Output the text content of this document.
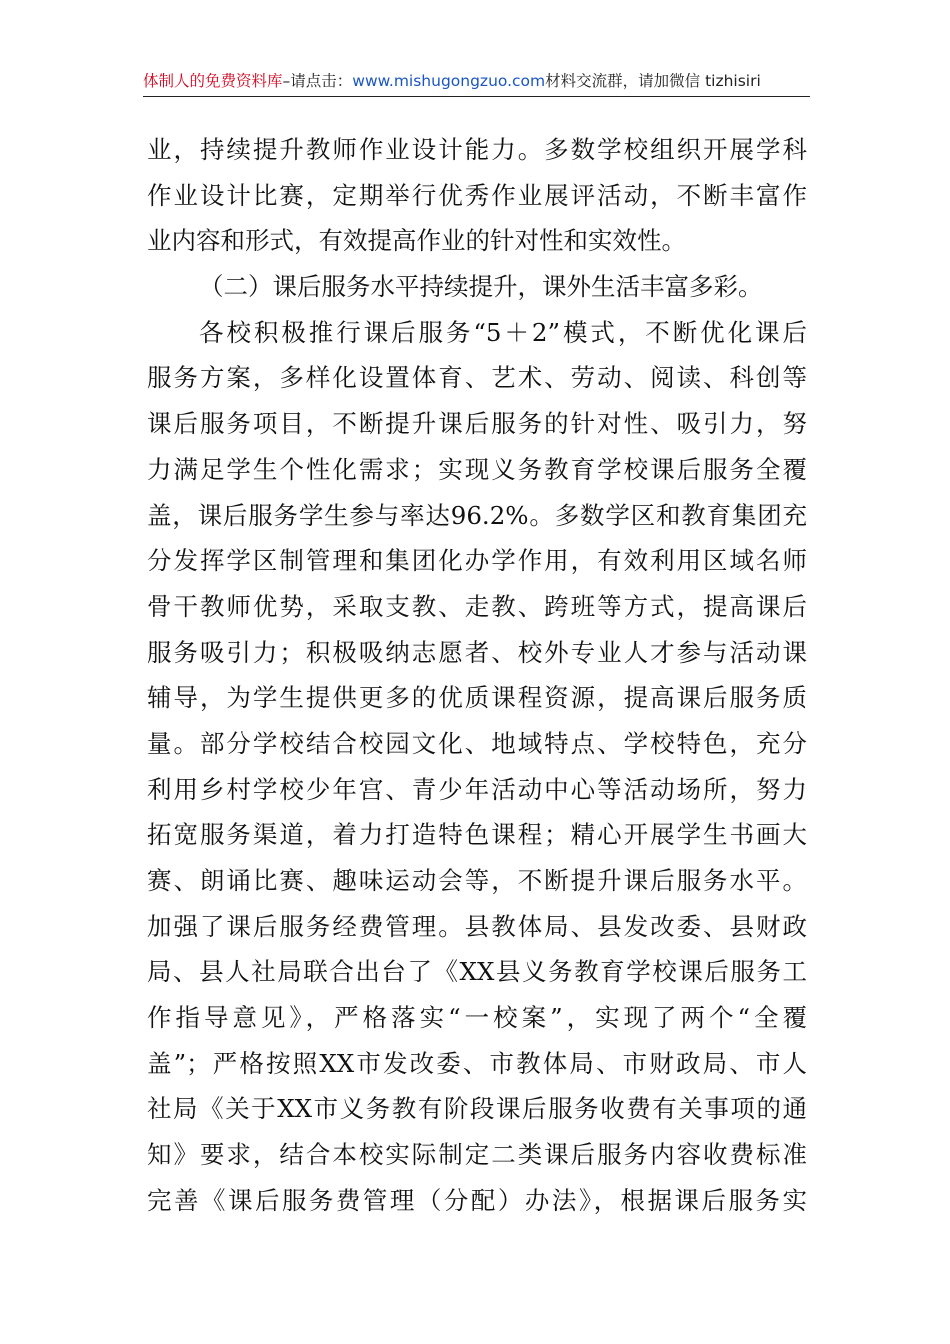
体制人的免费资料库–请点击：www.mishugongzuo.com材料交流群，请加微信 tizhisiri
业，持续提升教师作业设计能力。多数学校组织开展学科
作业设计比赛，定期举行优秀作业展评活动，不断丰富作
业内容和形式，有效提高作业的针对性和实效性。
（二）课后服务水平持续提升，课外生活丰富多彩。
各校积极推行课后服务“5＋2”模式，不断优化课后
服务方案，多样化设置体育、艺术、劳动、阅读、科创等
课后服务项目，不断提升课后服务的针对性、吸引力，努
力满足学生个性化需求；实现义务教育学校课后服务全覆
盖，课后服务学生参与率达96.2%。多数学区和教育集团充
分发挥学区制管理和集团化办学作用，有效利用区域名师
骨干教师优势，采取支教、走教、跨班等方式，提高课后
服务吸引力；积极吸纳志愿者、校外专业人才参与活动课
辅导，为学生提供更多的优质课程资源，提高课后服务质
量。部分学校结合校园文化、地域特点、学校特色，充分
利用乡村学校少年宫、青少年活动中心等活动场所，努力
拓宽服务渠道，着力打造特色课程；精心开展学生书画大
赛、朗诵比赛、趣味运动会等，不断提升课后服务水平。
加强了课后服务经费管理。县教体局、县发改委、县财政
局、县人社局联合出台了《XX县义务教育学校课后服务工
作指导意见》，严格落实“一校案”，实现了两个“全覆
盖”；严格按照XX市发改委、市教体局、市财政局、市人
社局《关于XX市义务教有阶段课后服务收费有关事项的通
知》要求，结合本校实际制定二类课后服务内容收费标准
完善《课后服务费管理（分配）办法》，根据课后服务实
